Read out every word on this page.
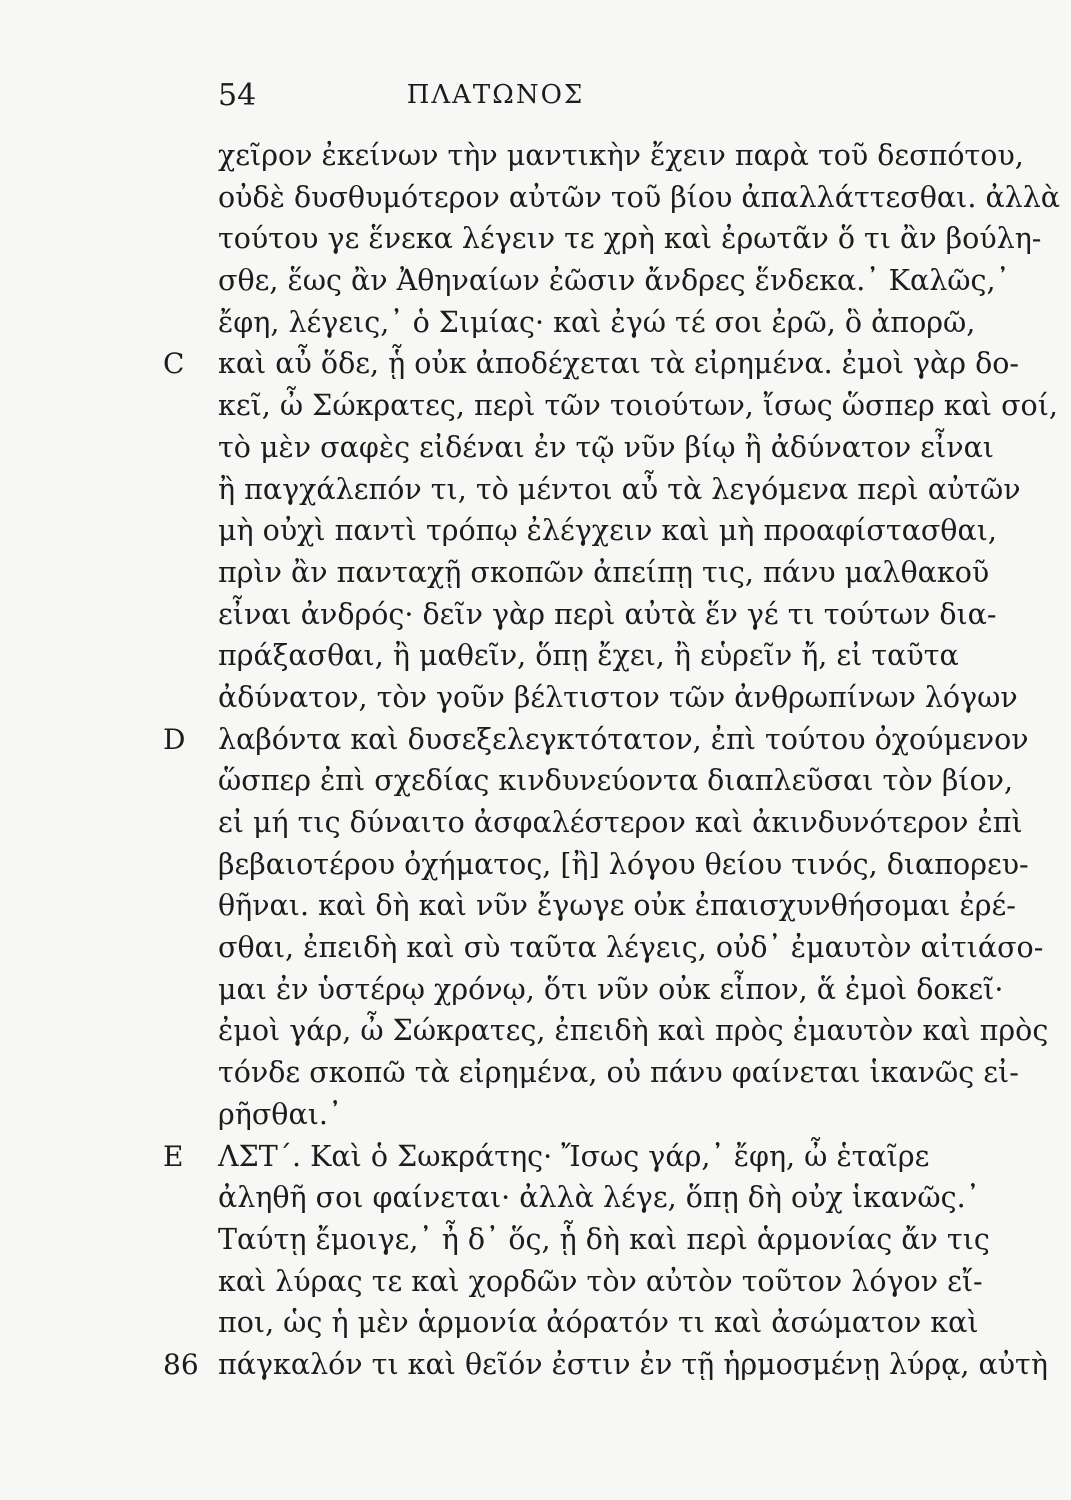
54	ΠΛΑΤΩΝΟΣ
χεῖρον ἐκείνων τὴν μαντικὴν ἔχειν παρὰ τοῦ δεσπότου,
οὐδὲ δυσθυμότερον αὐτῶν τοῦ βίου ἀπαλλάττεσθαι. ἀλλὰ
τούτου γε ἕνεκα λέγειν τε χρὴ καὶ ἐρωτᾶν ὅ τι ἂν βούλη-
σθε, ἕως ἂν Ἀθηναίων ἐῶσιν ἄνδρες ἕνδεκα.᾿ Καλῶς,᾿
ἔφη, λέγεις,᾿ ὁ Σιμίας· καὶ ἐγώ τέ σοι ἐρῶ, ὃ ἀπορῶ,
C	καὶ αὖ ὅδε, ᾗ οὐκ ἀποδέχεται τὰ εἰρημένα. ἐμοὶ γὰρ δο-
κεῖ, ὦ Σώκρατες, περὶ τῶν τοιούτων, ἴσως ὥσπερ καὶ σοί,
τὸ μὲν σαφὲς εἰδέναι ἐν τῷ νῦν βίῳ ἢ ἀδύνατον εἶναι
ἢ παγχάλεπόν τι, τὸ μέντοι αὖ τὰ λεγόμενα περὶ αὐτῶν
μὴ οὐχὶ παντὶ τρόπῳ ἐλέγχειν καὶ μὴ προαφίστασθαι,
πρὶν ἂν πανταχῇ σκοπῶν ἀπείπῃ τις, πάνυ μαλθακοῦ
εἶναι ἀνδρός· δεῖν γὰρ περὶ αὐτὰ ἕν γέ τι τούτων δια-
πράξασθαι, ἢ μαθεῖν, ὅπῃ ἔχει, ἢ εὑρεῖν ἤ, εἰ ταῦτα
ἀδύνατον, τὸν γοῦν βέλτιστον τῶν ἀνθρωπίνων λόγων
D	λαβόντα καὶ δυσεξελεγκτότατον, ἐπὶ τούτου ὀχούμενον
ὥσπερ ἐπὶ σχεδίας κινδυνεύοντα διαπλεῦσαι τὸν βίον,
εἰ μή τις δύναιτο ἀσφαλέστερον καὶ ἀκινδυνότερον ἐπὶ
βεβαιοτέρου ὀχήματος, [ἢ] λόγου θείου τινός, διαπορευ-
θῆναι. καὶ δὴ καὶ νῦν ἔγωγε οὐκ ἐπαισχυνθήσομαι ἐρέ-
σθαι, ἐπειδὴ καὶ σὺ ταῦτα λέγεις, οὐδ᾿ ἐμαυτὸν αἰτιάσο-
μαι ἐν ὑστέρῳ χρόνῳ, ὅτι νῦν οὐκ εἶπον, ἅ ἐμοὶ δοκεῖ·
ἐμοὶ γάρ, ὦ Σώκρατες, ἐπειδὴ καὶ πρὸς ἐμαυτὸν καὶ πρὸς
τόνδε σκοπῶ τὰ εἰρημένα, οὐ πάνυ φαίνεται ἱκανῶς εἰ-
ρῆσθαι.᾿
E	ΛΣΤ΄. Καὶ ὁ Σωκράτης· Ἴσως γάρ,᾿ ἔφη, ὦ ἑταῖρε
ἀληθῆ σοι φαίνεται· ἀλλὰ λέγε, ὅπῃ δὴ οὐχ ἱκανῶς.᾿
Ταύτῃ ἔμοιγε,᾿ ἦ δ᾿ ὅς, ᾗ δὴ καὶ περὶ ἁρμονίας ἄν τις
καὶ λύρας τε καὶ χορδῶν τὸν αὐτὸν τοῦτον λόγον εἴ-
ποι, ὡς ἡ μὲν ἁρμονία ἀόρατόν τι καὶ ἀσώματον καὶ
86 πάγκαλόν τι καὶ θεῖόν ἐστιν ἐν τῇ ἡρμοσμένῃ λύρᾳ, αὐτὴ
